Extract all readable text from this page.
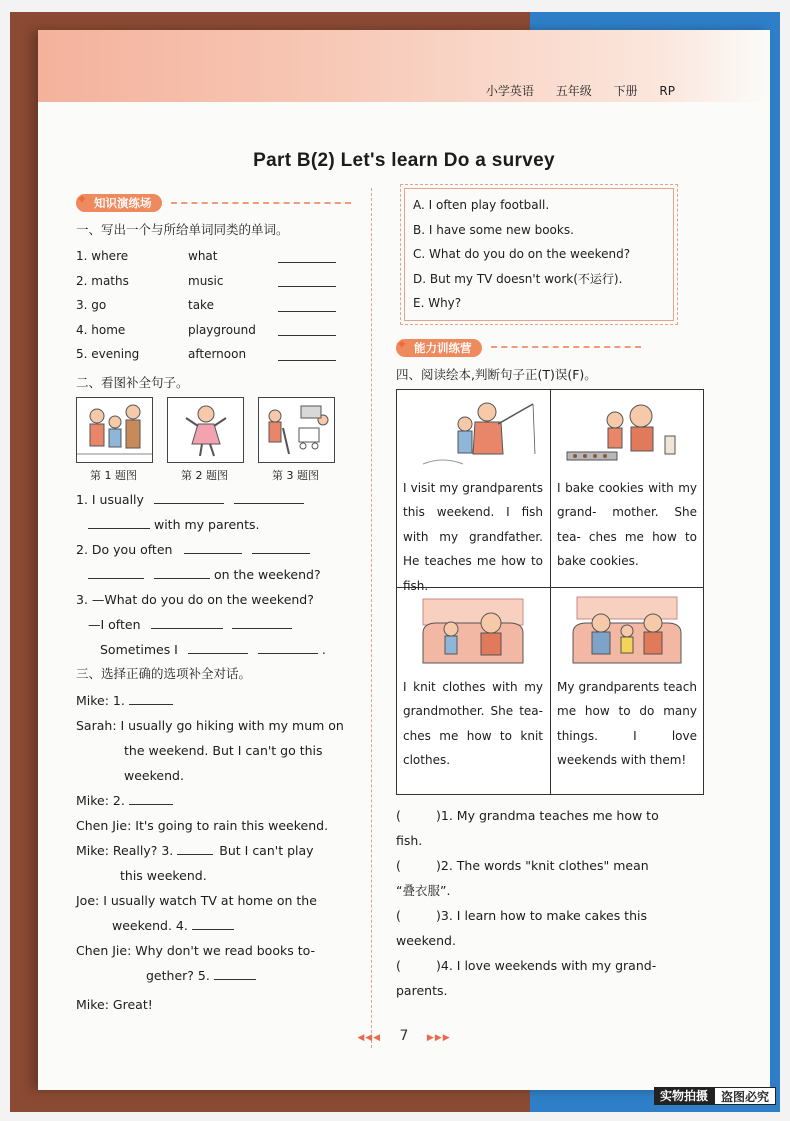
小学英语 五年级 下册 RP
Part B(2) Let's learn Do a survey
✦ 知识演练场
一、写出一个与所给单词同类的单词。
1. where	what
2. maths	music
3. go	take
4. home	playground
5. evening	afternoon
二、看图补全句子。
第 1 题图	第 2 题图	第 3 题图
1. I usually
with my parents.
2. Do you often
on the weekend?
3. —What do you do on the weekend?
—I often
Sometimes I	.
三、选择正确的选项补全对话。
Mike: 1.
Sarah: I usually go hiking with my mum on
the weekend. But I can't go this
weekend.
Mike: 2.
Chen Jie: It's going to rain this weekend.
Mike: Really? 3.	But I can't play
this weekend.
Joe: I usually watch TV at home on the
weekend. 4.
Chen Jie: Why don't we read books to-
gether? 5.
Mike: Great!
A. I often play football.
B. I have some new books.
C. What do you do on the weekend?
D. But my TV doesn't work(不运行).
E. Why?
✦ 能力训练营
四、阅读绘本,判断句子正(T)误(F)。
I visit my grandparents this weekend. I fish with my grandfather. He teaches me how to fish.
I bake cookies with my grand- mother. She tea- ches me how to bake cookies.
I knit clothes with my grandmother. She tea- ches me how to knit clothes.
My grandparents teach me how to do many things. I love weekends with them!
(	)1. My grandma teaches me how to
fish.
(	)2. The words "knit clothes" mean
“叠衣服”.
(	)3. I learn how to make cakes this
weekend.
(	)4. I love weekends with my grand-
parents.
◀◀◀ 7 ▶▶▶
实物拍摄	盗图必究
